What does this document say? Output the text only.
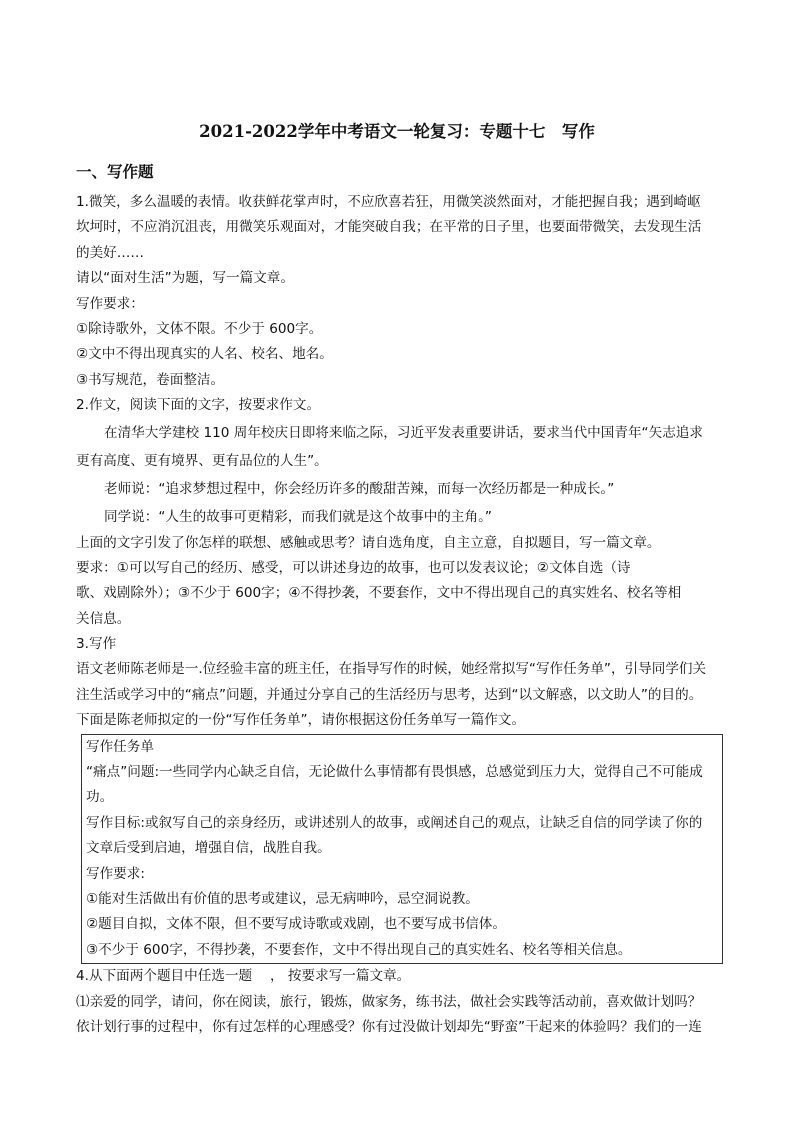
2021-2022学年中考语文一轮复习：专题十七　写作
一、写作题
1.微笑，多么温暖的表情。收获鲜花掌声时，不应欣喜若狂，用微笑淡然面对，才能把握自我；遇到崎岖
坎坷时，不应消沉沮丧，用微笑乐观面对，才能突破自我；在平常的日子里，也要面带微笑，去发现生活
的美好……
请以“面对生活”为题，写一篇文章。
写作要求：
①除诗歌外，文体不限。不少于 600字。
②文中不得出现真实的人名、校名、地名。
③书写规范，卷面整洁。
2.作文，阅读下面的文字，按要求作文。
在清华大学建校 110 周年校庆日即将来临之际，习近平发表重要讲话，要求当代中国青年“矢志追求
更有高度、更有境界、更有品位的人生”。
老师说：“追求梦想过程中，你会经历许多的酸甜苦辣，而每一次经历都是一种成长。”
同学说：“人生的故事可更精彩，而我们就是这个故事中的主角。”
上面的文字引发了你怎样的联想、感触或思考？请自选角度，自主立意，自拟题目，写一篇文章。
要求：①可以写自己的经历、感受，可以讲述身边的故事，也可以发表议论；②文体自选（诗
歌、戏剧除外）；③不少于 600字；④不得抄袭，不要套作，文中不得出现自己的真实姓名、校名等相
关信息。
3.写作
语文老师陈老师是一.位经验丰富的班主任，在指导写作的时候，她经常拟写“写作任务单”，引导同学们关
注生活或学习中的“痛点”问题，并通过分享自己的生活经历与思考，达到“以文解惑，以文助人”的目的。
下面是陈老师拟定的一份“写作任务单”，请你根据这份任务单写一篇作文。
写作任务单
“痛点”问题:一些同学内心缺乏自信，无论做什么事情都有畏惧感，总感觉到压力大，觉得自己不可能成
功。
写作目标:或叙写自己的亲身经历，或讲述别人的故事，或阐述自己的观点，让缺乏自信的同学读了你的
文章后受到启迪，增强自信，战胜自我。
写作要求:
①能对生活做出有价值的思考或建议，忌无病呻吟，忌空洞说教。
②题目自拟，文体不限，但不要写成诗歌或戏剧，也不要写成书信体。
③不少于 600字，不得抄袭，不要套作，文中不得出现自己的真实姓名、校名等相关信息。
4.从下面两个题目中任选一题　 ， 按要求写一篇文章。
⑴亲爱的同学，请问，你在阅读，旅行，锻炼，做家务，练书法，做社会实践等活动前，喜欢做计划吗？
依计划行事的过程中，你有过怎样的心理感受？你有过没做计划却先“野蛮”干起来的体验吗？我们的一连
